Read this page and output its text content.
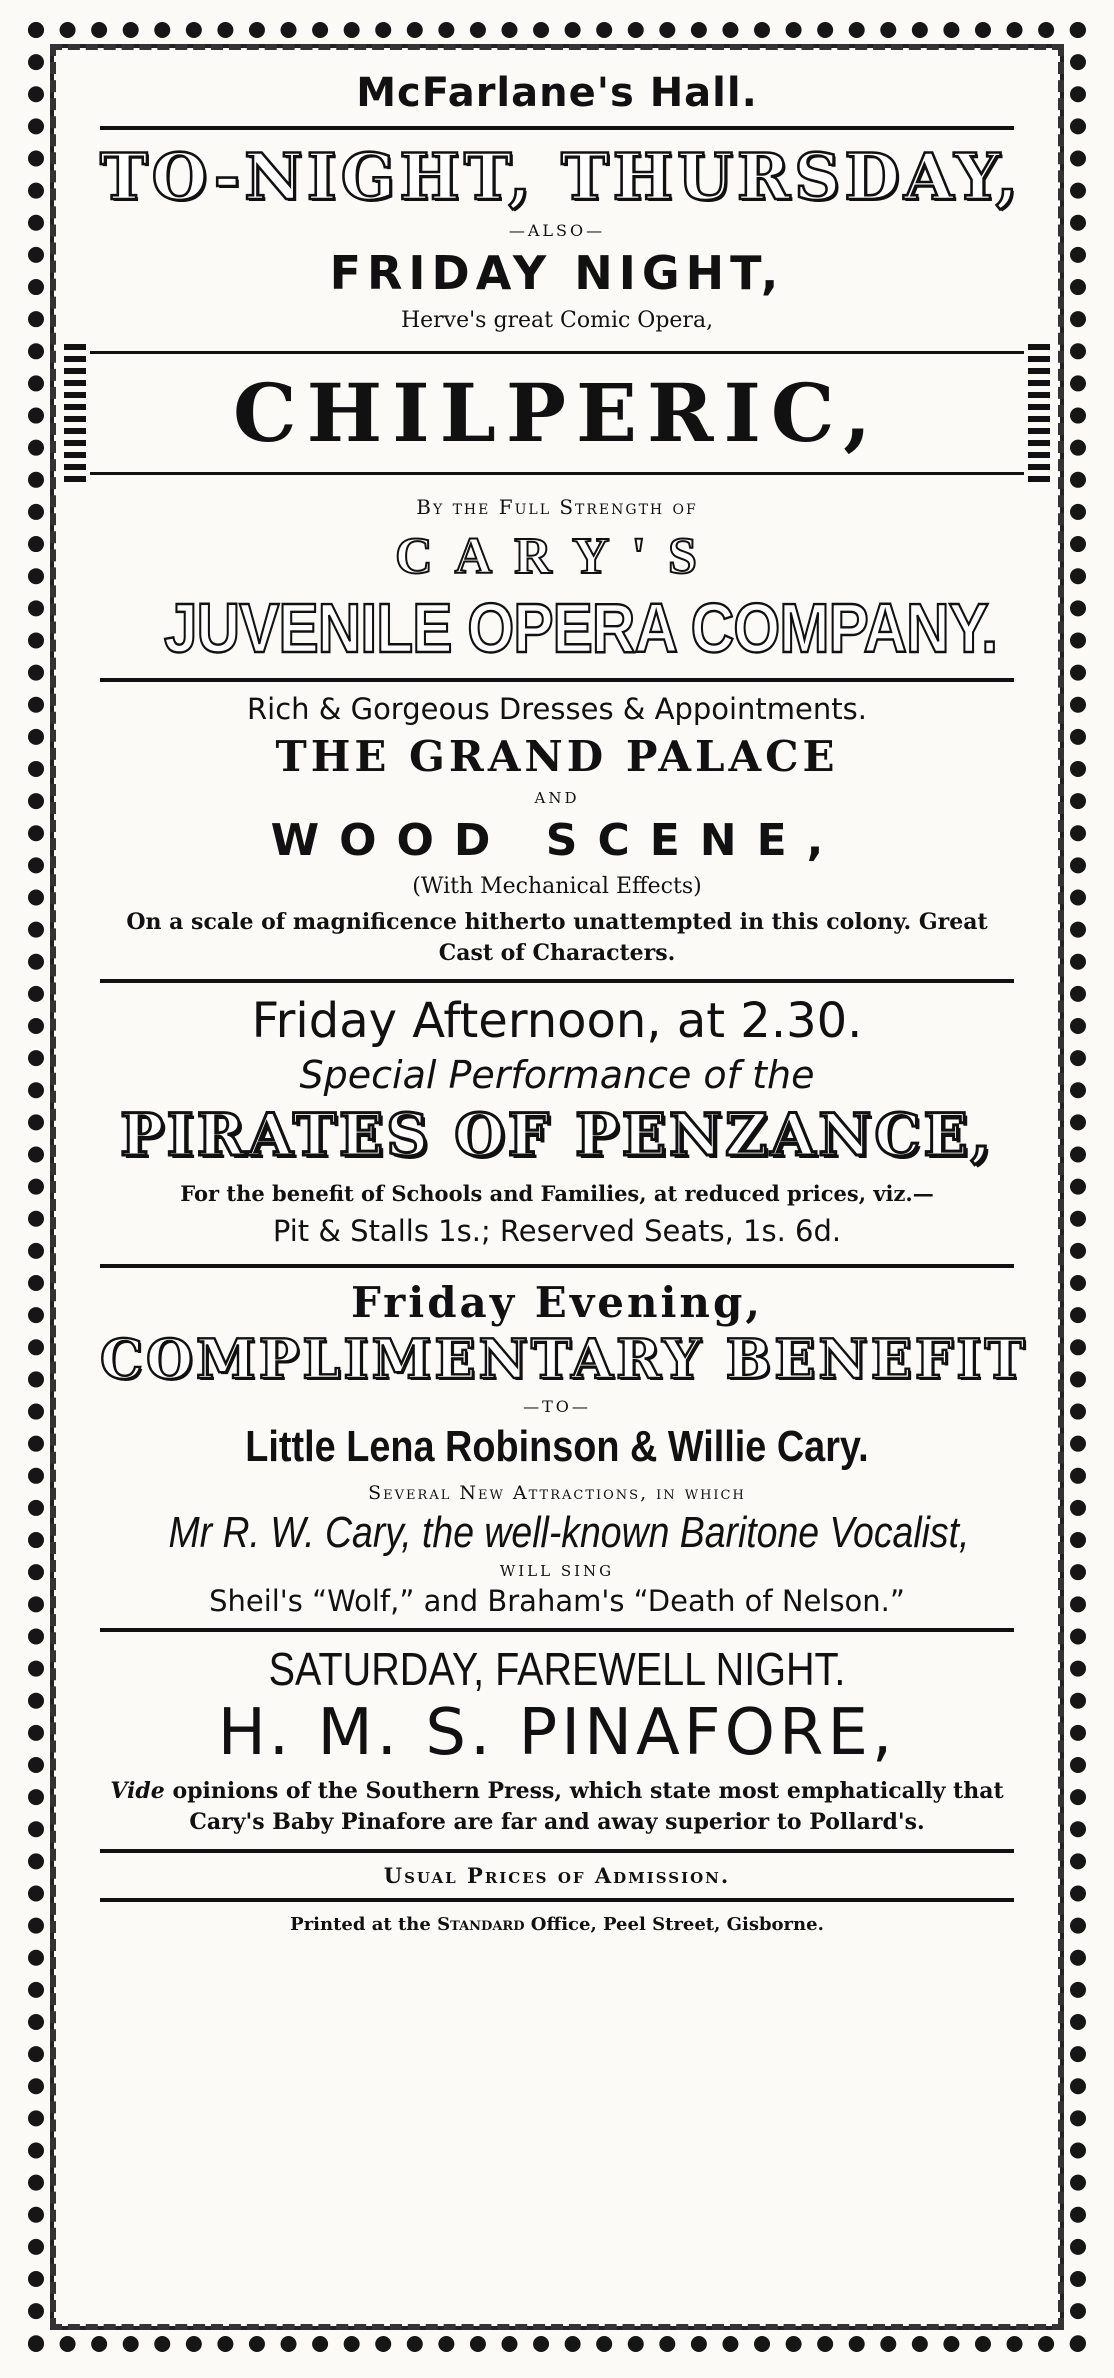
McFarlane's Hall.
TO-NIGHT, THURSDAY,
—ALSO—
FRIDAY NIGHT,
Herve's great Comic Opera,
CHILPERIC,
By the Full Strength of
CARY'S
JUVENILE OPERA COMPANY.
Rich & Gorgeous Dresses & Appointments.
THE GRAND PALACE
AND
WOOD SCENE,
(With Mechanical Effects)
On a scale of magnificence hitherto unattempted in this colony. Great Cast of Characters.
Friday Afternoon, at 2.30.
Special Performance of the
PIRATES OF PENZANCE,
For the benefit of Schools and Families, at reduced prices, viz.—
Pit & Stalls 1s.; Reserved Seats, 1s. 6d.
Friday Evening,
COMPLIMENTARY BENEFIT
—TO—
Little Lena Robinson & Willie Cary.
Several New Attractions, in which
Mr R. W. Cary, the well-known Baritone Vocalist,
WILL SING
Sheil's “Wolf,” and Braham's “Death of Nelson.”
SATURDAY, FAREWELL NIGHT.
H. M. S. PINAFORE,
Vide opinions of the Southern Press, which state most emphatically that Cary's Baby Pinafore are far and away superior to Pollard's.
Usual Prices of Admission.
Printed at the Standard Office, Peel Street, Gisborne.
